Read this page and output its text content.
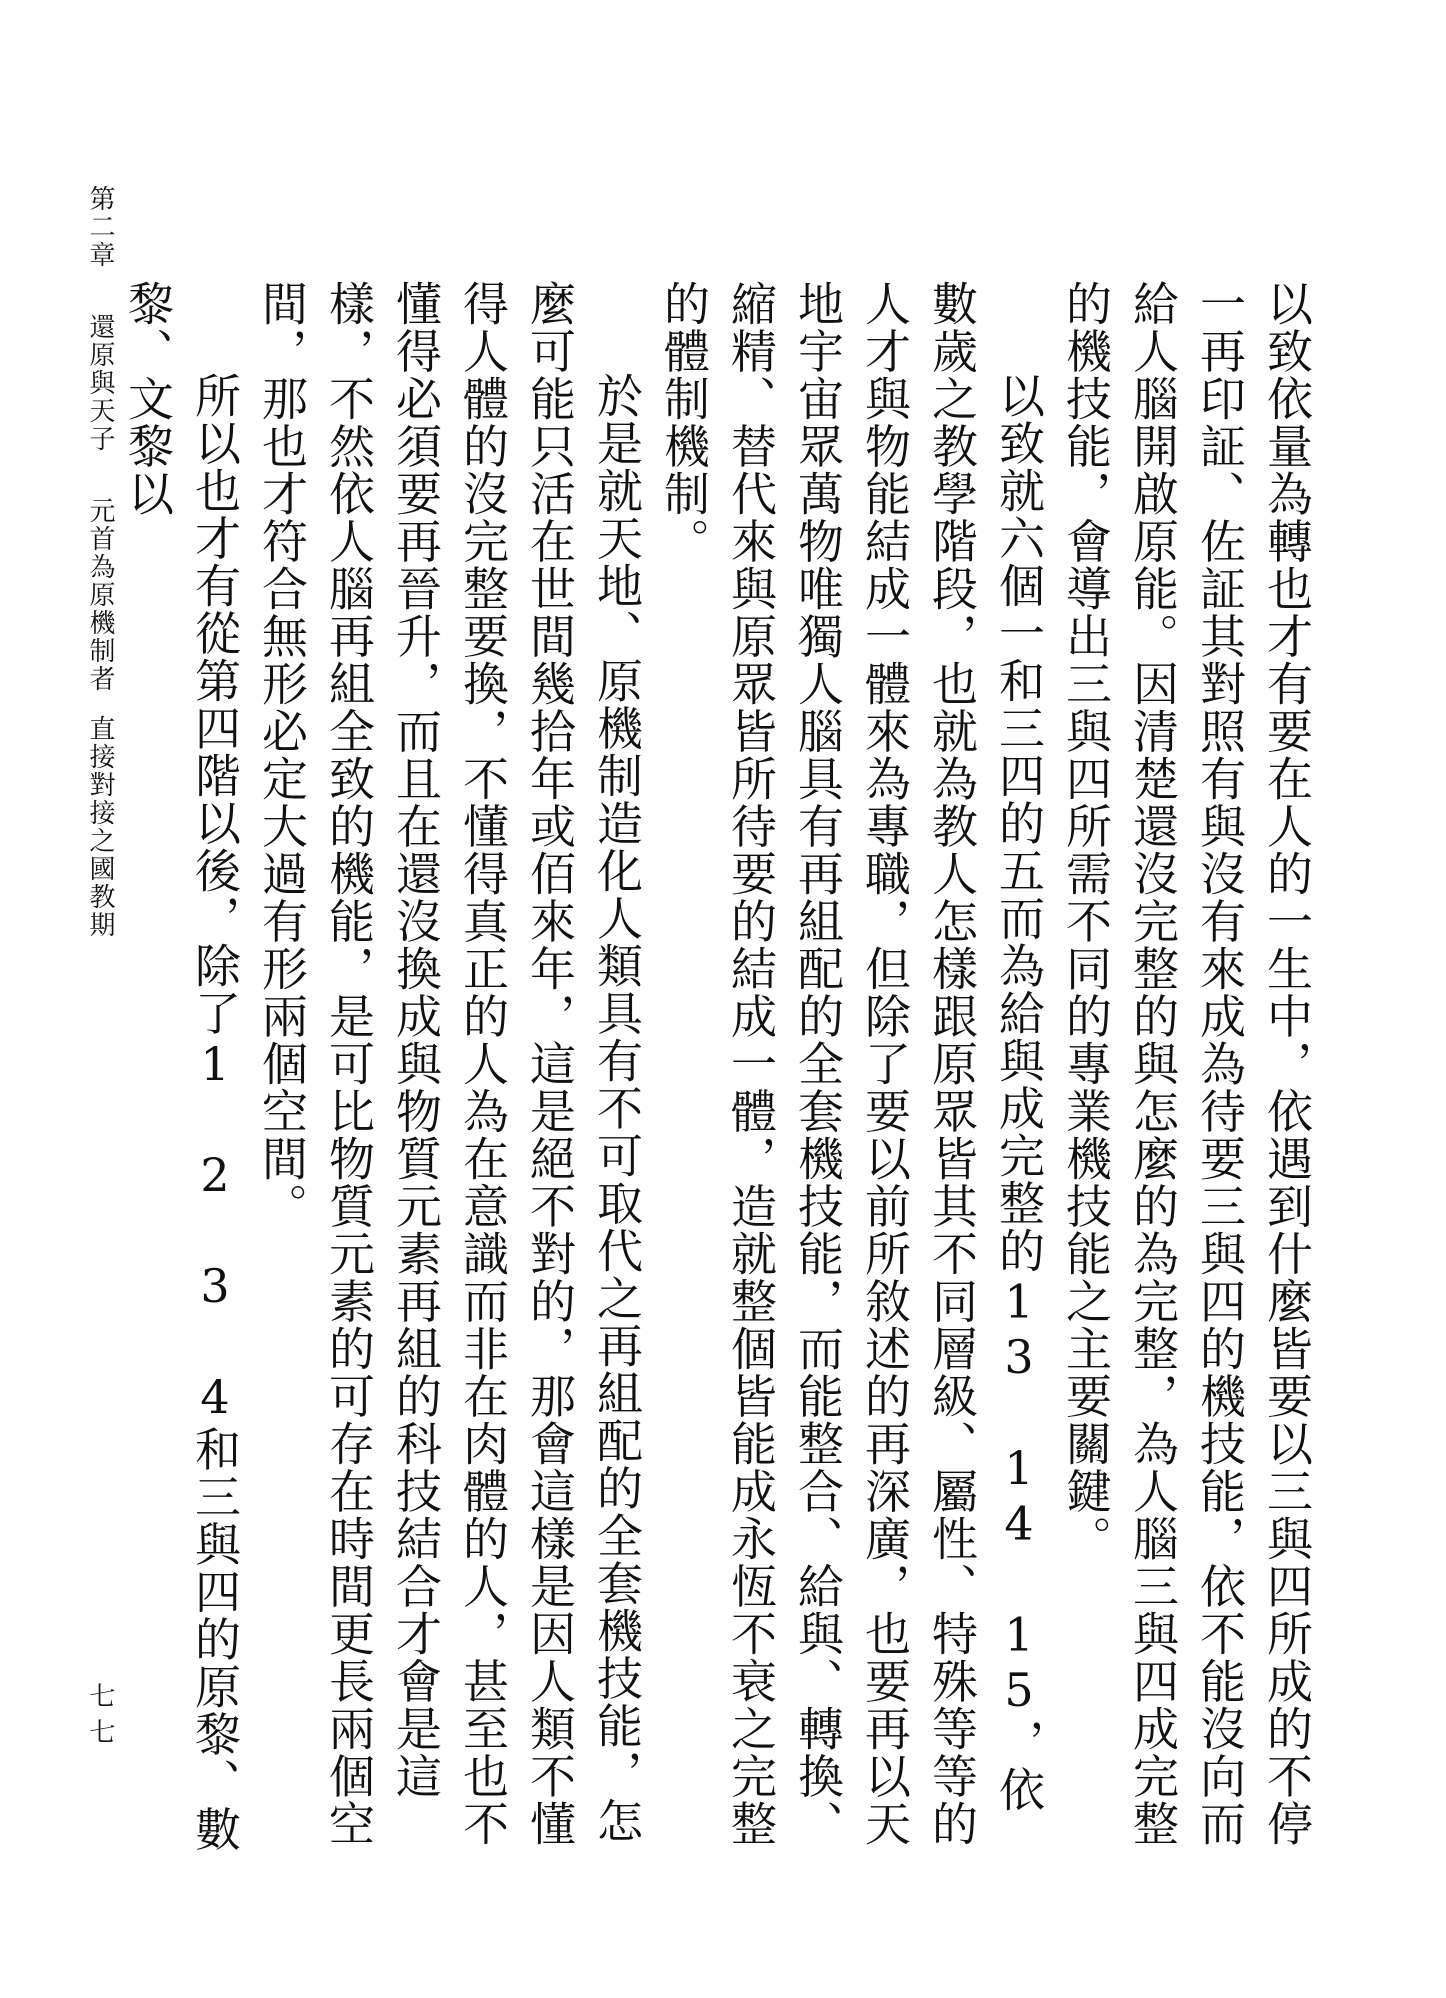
以致依量為轉也才有要在人的一生中，依遇到什麼皆要以三與四所成的不停一再印証、佐証其對照有與沒有來成為待要三與四的機技能，依不能沒向而給人腦開啟原能。因清楚還沒完整的與怎麼的為完整，為人腦三與四成完整的機技能，會導出三與四所需不同的專業機技能之主要關鍵。

以致就六個一和三四的五而為給與成完整的13 14 15，依數歲之教學階段，也就為教人怎樣跟原眾皆其不同層級、屬性、特殊等等的人才與物能結成一體來為專職，但除了要以前所敘述的再深廣，也要再以天地宇宙眾萬物唯獨人腦具有再組配的全套機技能，而能整合、給與、轉換、縮精、替代來與原眾皆所待要的結成一體，造就整個皆能成永恆不衰之完整的體制機制。

於是就天地、原機制造化人類具有不可取代之再組配的全套機技能，怎麼可能只活在世間幾拾年或佰來年，這是絕不對的，那會這樣是因人類不懂得人體的沒完整要換，不懂得真正的人為在意識而非在肉體的人，甚至也不懂得必須要再晉升，而且在還沒換成與物質元素再組的科技結合才會是這樣，不然依人腦再組全致的機能，是可比物質元素的可存在時間更長兩個空間，那也才符合無形必定大過有形兩個空間。

所以也才有從第四階以後，除了1 2 3 4和三與四的原黎、數黎、文黎以

第二章還原與天子元首為原機制者直接對接之國教期
七七
